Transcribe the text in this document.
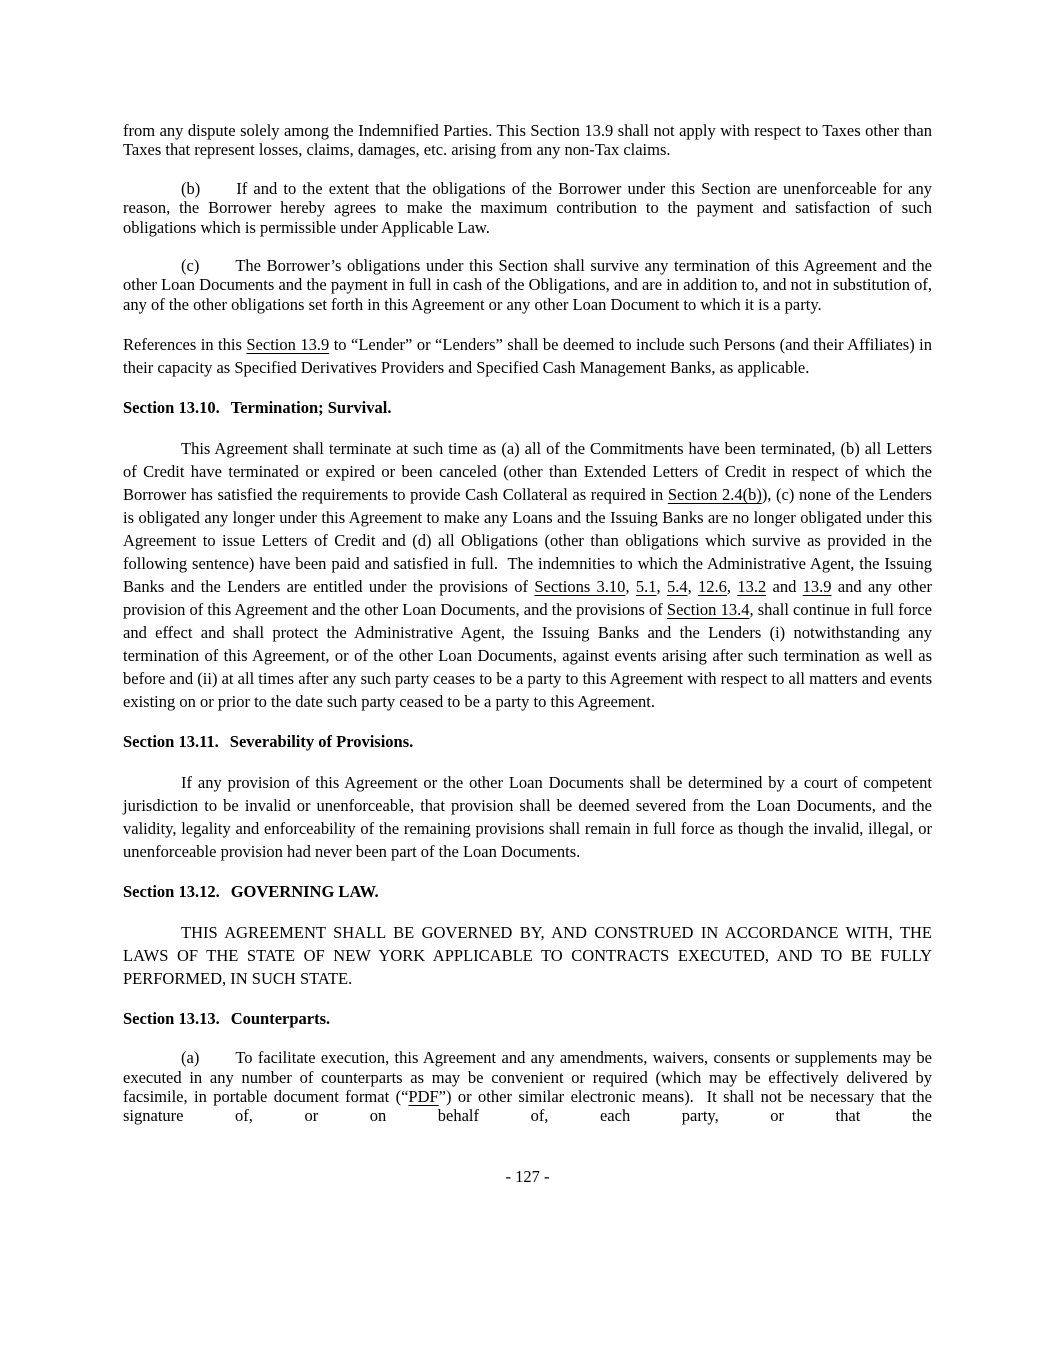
from any dispute solely among the Indemnified Parties. This Section 13.9 shall not apply with respect to Taxes other than Taxes that represent losses, claims, damages, etc. arising from any non-Tax claims.

(b) If and to the extent that the obligations of the Borrower under this Section are unenforceable for any reason, the Borrower hereby agrees to make the maximum contribution to the payment and satisfaction of such obligations which is permissible under Applicable Law.

(c) The Borrower’s obligations under this Section shall survive any termination of this Agreement and the other Loan Documents and the payment in full in cash of the Obligations, and are in addition to, and not in substitution of, any of the other obligations set forth in this Agreement or any other Loan Document to which it is a party.

References in this Section 13.9 to “Lender” or “Lenders” shall be deemed to include such Persons (and their Affiliates) in their capacity as Specified Derivatives Providers and Specified Cash Management Banks, as applicable.

Section 13.10. Termination; Survival.

This Agreement shall terminate at such time as (a) all of the Commitments have been terminated, (b) all Letters of Credit have terminated or expired or been canceled (other than Extended Letters of Credit in respect of which the Borrower has satisfied the requirements to provide Cash Collateral as required in Section 2.4(b)), (c) none of the Lenders is obligated any longer under this Agreement to make any Loans and the Issuing Banks are no longer obligated under this Agreement to issue Letters of Credit and (d) all Obligations (other than obligations which survive as provided in the following sentence) have been paid and satisfied in full.  The indemnities to which the Administrative Agent, the Issuing Banks and the Lenders are entitled under the provisions of Sections 3.10, 5.1, 5.4, 12.6, 13.2 and 13.9 and any other provision of this Agreement and the other Loan Documents, and the provisions of Section 13.4, shall continue in full force and effect and shall protect the Administrative Agent, the Issuing Banks and the Lenders (i) notwithstanding any termination of this Agreement, or of the other Loan Documents, against events arising after such termination as well as before and (ii) at all times after any such party ceases to be a party to this Agreement with respect to all matters and events existing on or prior to the date such party ceased to be a party to this Agreement.

Section 13.11. Severability of Provisions.

If any provision of this Agreement or the other Loan Documents shall be determined by a court of competent jurisdiction to be invalid or unenforceable, that provision shall be deemed severed from the Loan Documents, and the validity, legality and enforceability of the remaining provisions shall remain in full force as though the invalid, illegal, or unenforceable provision had never been part of the Loan Documents.

Section 13.12. GOVERNING LAW.

THIS AGREEMENT SHALL BE GOVERNED BY, AND CONSTRUED IN ACCORDANCE WITH, THE LAWS OF THE STATE OF NEW YORK APPLICABLE TO CONTRACTS EXECUTED, AND TO BE FULLY PERFORMED, IN SUCH STATE.

Section 13.13. Counterparts.

(a) To facilitate execution, this Agreement and any amendments, waivers, consents or supplements may be executed in any number of counterparts as may be convenient or required (which may be effectively delivered by facsimile, in portable document format (“PDF”) or other similar electronic means).  It shall not be necessary that the signature of, or on behalf of, each party, or that the

- 127 -
